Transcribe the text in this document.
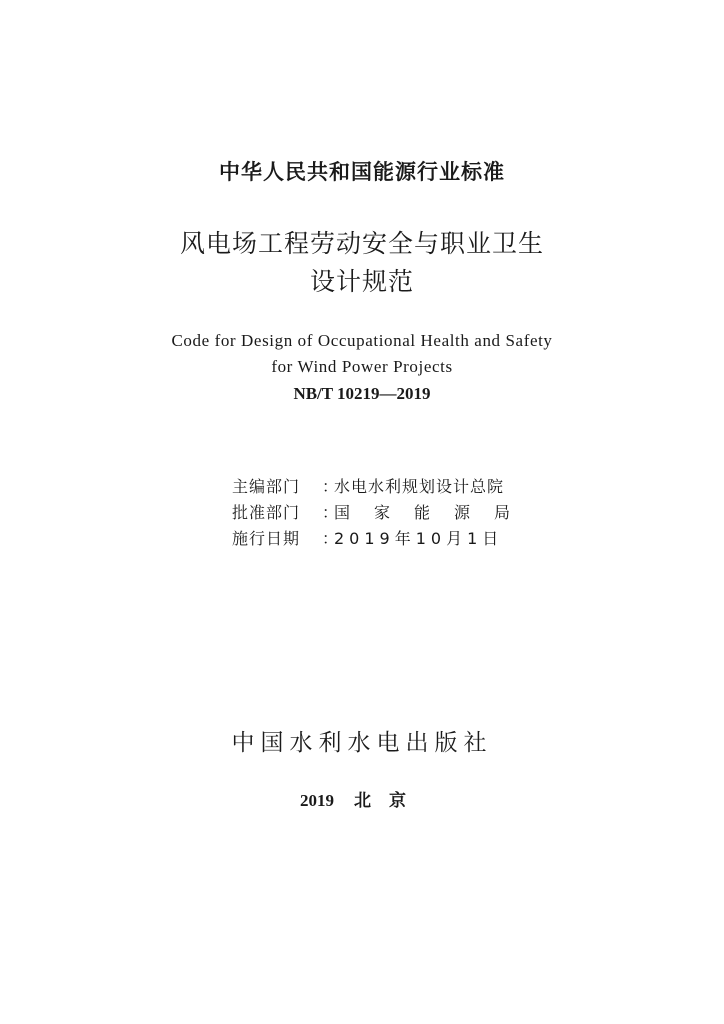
中华人民共和国能源行业标准
风电场工程劳动安全与职业卫生
设计规范
Code for Design of Occupational Health and Safety
for Wind Power Projects
NB/T 10219—2019
主编部门	：
水电水利规划设计总院
批准部门	：
国家能源局
施行日期	：
2019年10月1日
中国水利水电出版社
2019 北京
